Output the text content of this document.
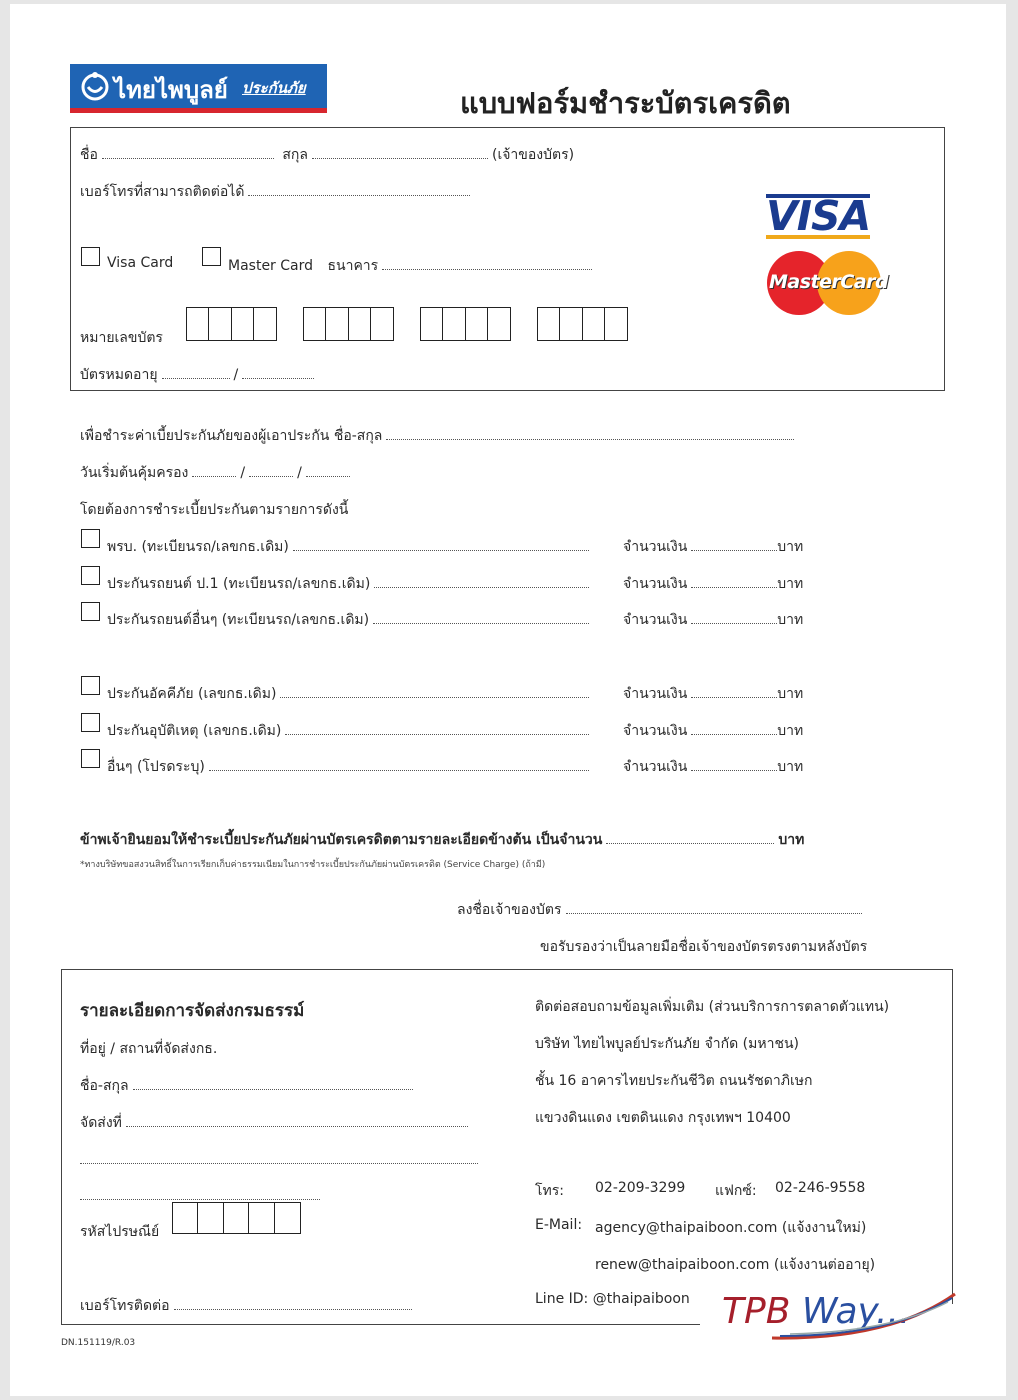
ไทยไพบูลย์ ประกันภัย	แบบฟอร์มชำระบัตรเครดิต
ชื่อ	สกุล	(เจ้าของบัตร)
เบอร์โทรที่สามารถติดต่อได้
Visa Card	Master Card ธนาคาร
หมายเลขบัตร
บัตรหมดอายุ	/
VISA
MasterCard
เพื่อชำระค่าเบี้ยประกันภัยของผู้เอาประกัน ชื่อ-สกุล
วันเริ่มต้นคุ้มครอง	/	/
โดยต้องการชำระเบี้ยประกันตามรายการดังนี้
ข้าพเจ้ายินยอมให้ชำระเบี้ยประกันภัยผ่านบัตรเครดิตตามรายละเอียดข้างต้น เป็นจำนวน	บาท
*ทางบริษัทขอสงวนสิทธิ์ในการเรียกเก็บค่าธรรมเนียมในการชำระเบี้ยประกันภัยผ่านบัตรเครดิต (Service Charge) (ถ้ามี)
ลงชื่อเจ้าของบัตร
ขอรับรองว่าเป็นลายมือชื่อเจ้าของบัตรตรงตามหลังบัตร
รายละเอียดการจัดส่งกรมธรรม์
ที่อยู่ / สถานที่จัดส่งกธ.
ชื่อ-สกุล
จัดส่งที่
รหัสไปรษณีย์
เบอร์โทรติดต่อ
ติดต่อสอบถามข้อมูลเพิ่มเติม (ส่วนบริการการตลาดตัวแทน)
บริษัท ไทยไพบูลย์ประกันภัย จำกัด (มหาชน)
ชั้น 16 อาคารไทยประกันชีวิต ถนนรัชดาภิเษก
แขวงดินแดง เขตดินแดง กรุงเทพฯ 10400
โทร: 02-209-3299 แฟกซ์: 02-246-9558
E-Mail: agency@thaipaiboon.com (แจ้งงานใหม่)
renew@thaipaiboon.com (แจ้งงานต่ออายุ)
Line ID: @thaipaiboon TPB Way...
DN.151119/R.03
พรบ. (ทะเบียนรถ/เลขกธ.เดิม)	จำนวนเงิน	บาท
ประกันรถยนต์ ป.1 (ทะเบียนรถ/เลขกธ.เดิม)	จำนวนเงิน	บาท
ประกันรถยนต์อื่นๆ (ทะเบียนรถ/เลขกธ.เดิม)	จำนวนเงิน	บาท
ประกันอัคคีภัย (เลขกธ.เดิม)	จำนวนเงิน	บาท
ประกันอุบัติเหตุ (เลขกธ.เดิม)	จำนวนเงิน	บาท
อื่นๆ (โปรดระบุ)	จำนวนเงิน	บาท
